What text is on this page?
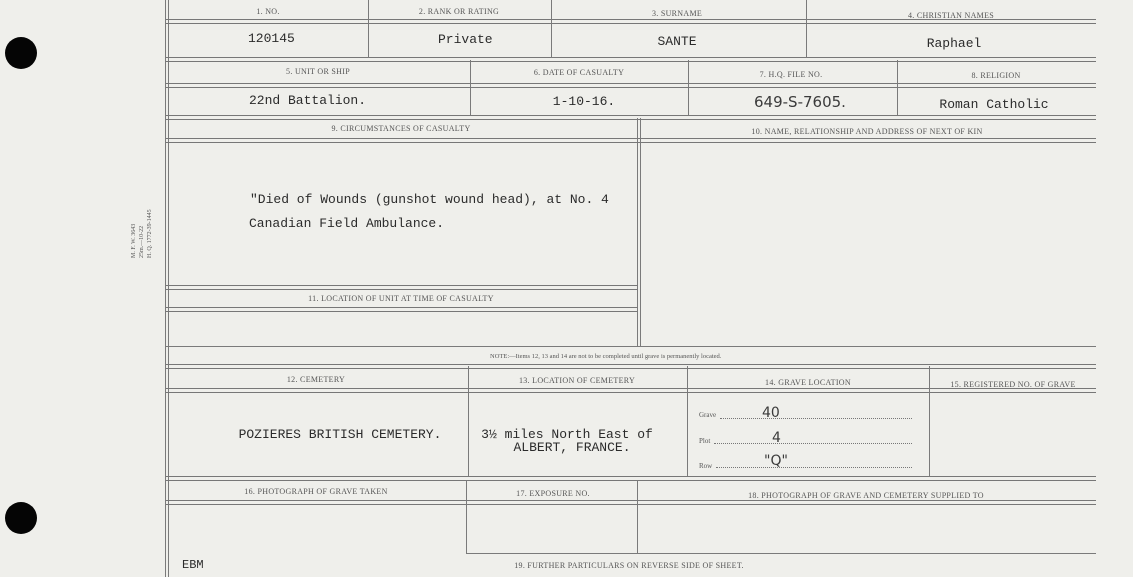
M. F. W. 3643 25m.—10-22 H. Q. 1772-39-1445
1. NO.	2. RANK OR RATING	3. SURNAME	4. CHRISTIAN NAMES
120145	Private	SANTE	Raphael
5. UNIT OR SHIP	6. DATE OF CASUALTY	7. H.Q. FILE NO.	8. RELIGION
22nd Battalion.	1-10-16.	649-S-7605.	Roman Catholic
9. CIRCUMSTANCES OF CASUALTY	10. NAME, RELATIONSHIP AND ADDRESS OF NEXT OF KIN
"Died of Wounds (gunshot wound head), at No. 4
Canadian Field Ambulance.
11. LOCATION OF UNIT AT TIME OF CASUALTY
NOTE:—Items 12, 13 and 14 are not to be completed until grave is permanently located.
12. CEMETERY	13. LOCATION OF CEMETERY	14. GRAVE LOCATION	15. REGISTERED NO. OF GRAVE
POZIERES BRITISH CEMETERY.	3½ miles North East of
ALBERT, FRANCE.
Grave	40
Plot	4
Row	"Q"
16. PHOTOGRAPH OF GRAVE TAKEN	17. EXPOSURE NO.	18. PHOTOGRAPH OF GRAVE AND CEMETERY SUPPLIED TO
19. FURTHER PARTICULARS ON REVERSE SIDE OF SHEET.
EBM
